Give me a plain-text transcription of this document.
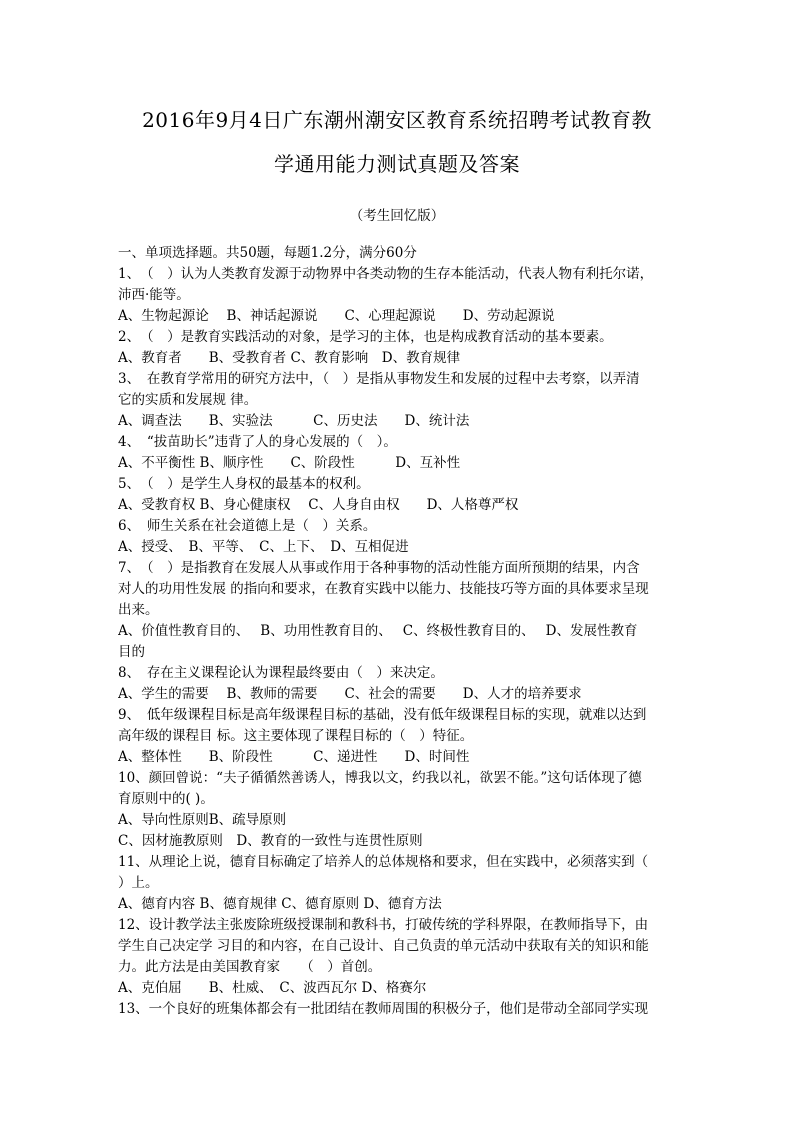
2016年9月4日广东潮州潮安区教育系统招聘考试教育教
学通用能力测试真题及答案
（考生回忆版）
一、单项选择题。共50题，每题1.2分，满分60分
1、　（　）认为人类教育发源于动物界中各类动物的生存本能活动，代表人物有利托尔诺，
沛西·能等。
A、生物起源论　 B、神话起源说　　C、心理起源说　　D、劳动起源说
2、　（　）是教育实践活动的对象，是学习的主体，也是构成教育活动的基本要素。
A、教育者　　B、受教育者 C、教育影响　D、教育规律
3、　在教育学常用的研究方法中，（　）是指从事物发生和发展的过程中去考察，以弄清
它的实质和发展规 律。
A、调查法　　B、实验法　　　C、历史法　　D、统计法
4、　“拔苗助长”违背了人的身心发展的（　）。
A、不平衡性 B、顺序性　　C、阶段性　　　D、互补性
5、　（　）是学生人身权的最基本的权利。
A、受教育权 B、身心健康权　 C、人身自由权　　D、人格尊严权
6、　师生关系在社会道德上是（　）关系。
A、授受、　B、平等、　C、上下、　D、互相促进
7、　（　）是指教育在发展人从事或作用于各种事物的活动性能方面所预期的结果，内含
对人的功用性发展 的指向和要求，在教育实践中以能力、技能技巧等方面的具体要求呈现
出来。
A、价值性教育目的、　 B、功用性教育目的、　 C、终极性教育目的、　 D、发展性教育
目的
8、　存在主义课程论认为课程最终要由（　）来决定。
A、学生的需要　 B、教师的需要　　C、社会的需要　　D、人才的培养要求
9、　低年级课程目标是高年级课程目标的基础，没有低年级课程目标的实现，就难以达到
高年级的课程目 标。这主要体现了课程目标的（　）特征。
A、整体性　　B、阶段性　　　C、递进性　　D、时间性
10、颜回曾说：“夫子循循然善诱人，博我以文，约我以礼，欲罢不能。”这句话体现了德
育原则中的( )。
A、导向性原则B、疏导原则
C、因材施教原则　D、教育的一致性与连贯性原则
11、从理论上说，德育目标确定了培养人的总体规格和要求，但在实践中，必须落实到（
）上。
A、德育内容 B、德育规律 C、德育原则 D、德育方法
12、设计教学法主张废除班级授课制和教科书，打破传统的学科界限，在教师指导下，由
学生自己决定学 习目的和内容，在自己设计、自己负责的单元活动中获取有关的知识和能
力。此方法是由美国教育家　　（　）首创。
A、克伯屈　　B、杜威、　C、波西瓦尔 D、格赛尔
13、一个良好的班集体都会有一批团结在教师周围的积极分子，他们是带动全部同学实现
